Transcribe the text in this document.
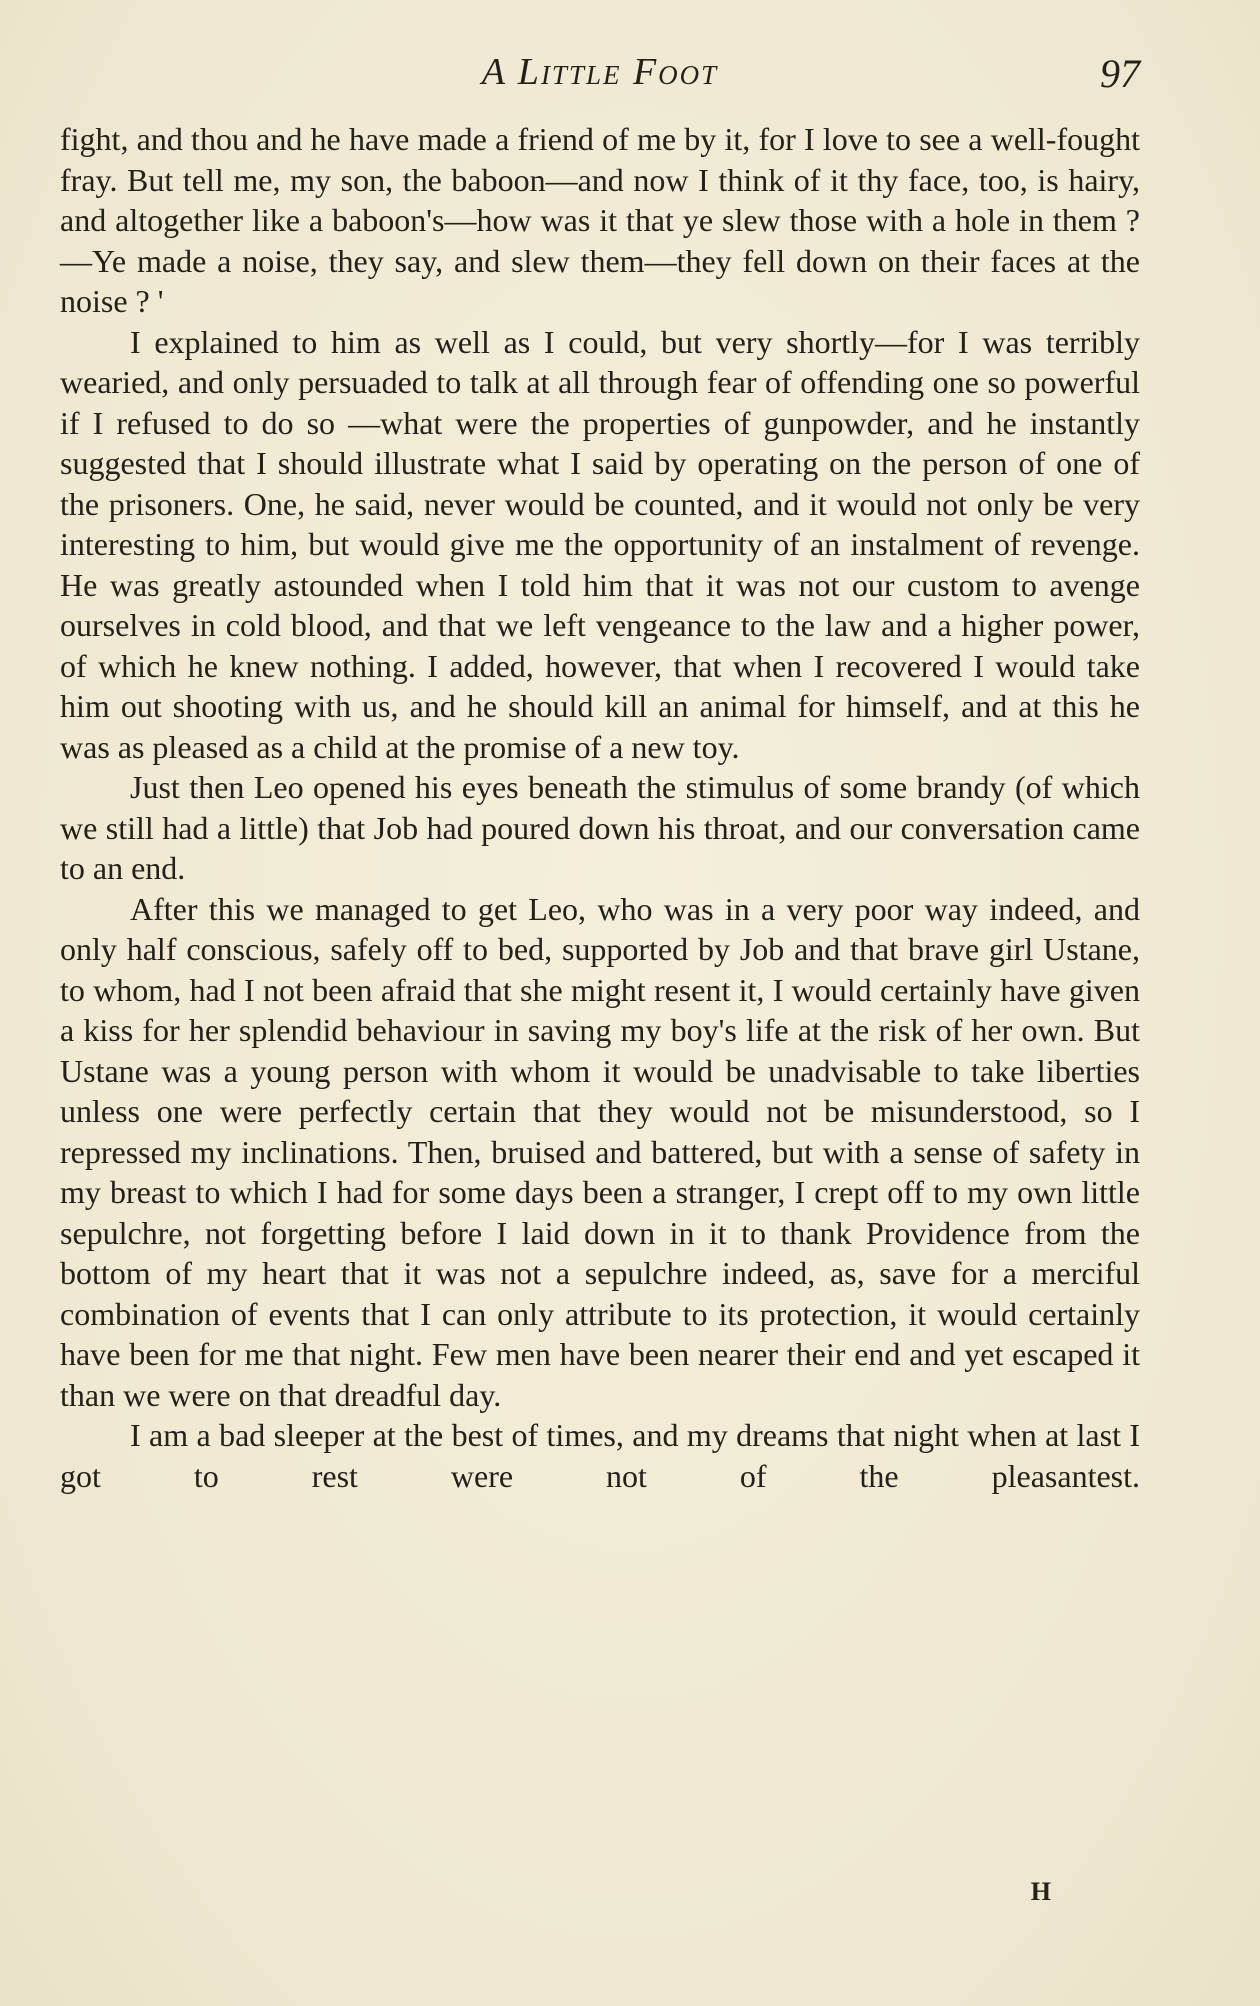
A Little Foot	97

fight, and thou and he have made a friend of me by it, for I love to see a well-fought fray. But tell me, my son, the baboon—and now I think of it thy face, too, is hairy, and altogether like a baboon's—how was it that ye slew those with a hole in them ?—Ye made a noise, they say, and slew them—they fell down on their faces at the noise ? '

I explained to him as well as I could, but very shortly—for I was terribly wearied, and only persuaded to talk at all through fear of offending one so powerful if I refused to do so —what were the properties of gunpowder, and he instantly suggested that I should illustrate what I said by operating on the person of one of the prisoners. One, he said, never would be counted, and it would not only be very interesting to him, but would give me the opportunity of an instalment of revenge. He was greatly astounded when I told him that it was not our custom to avenge ourselves in cold blood, and that we left vengeance to the law and a higher power, of which he knew nothing. I added, however, that when I recovered I would take him out shooting with us, and he should kill an animal for himself, and at this he was as pleased as a child at the promise of a new toy.

Just then Leo opened his eyes beneath the stimulus of some brandy (of which we still had a little) that Job had poured down his throat, and our conversation came to an end.

After this we managed to get Leo, who was in a very poor way indeed, and only half conscious, safely off to bed, supported by Job and that brave girl Ustane, to whom, had I not been afraid that she might resent it, I would certainly have given a kiss for her splendid behaviour in saving my boy's life at the risk of her own. But Ustane was a young person with whom it would be unadvisable to take liberties unless one were perfectly certain that they would not be misunderstood, so I repressed my inclinations. Then, bruised and battered, but with a sense of safety in my breast to which I had for some days been a stranger, I crept off to my own little sepulchre, not forgetting before I laid down in it to thank Providence from the bottom of my heart that it was not a sepulchre indeed, as, save for a merciful combination of events that I can only attribute to its protection, it would certainly have been for me that night. Few men have been nearer their end and yet escaped it than we were on that dreadful day.

I am a bad sleeper at the best of times, and my dreams that night when at last I got to rest were not of the pleasantest.

H
